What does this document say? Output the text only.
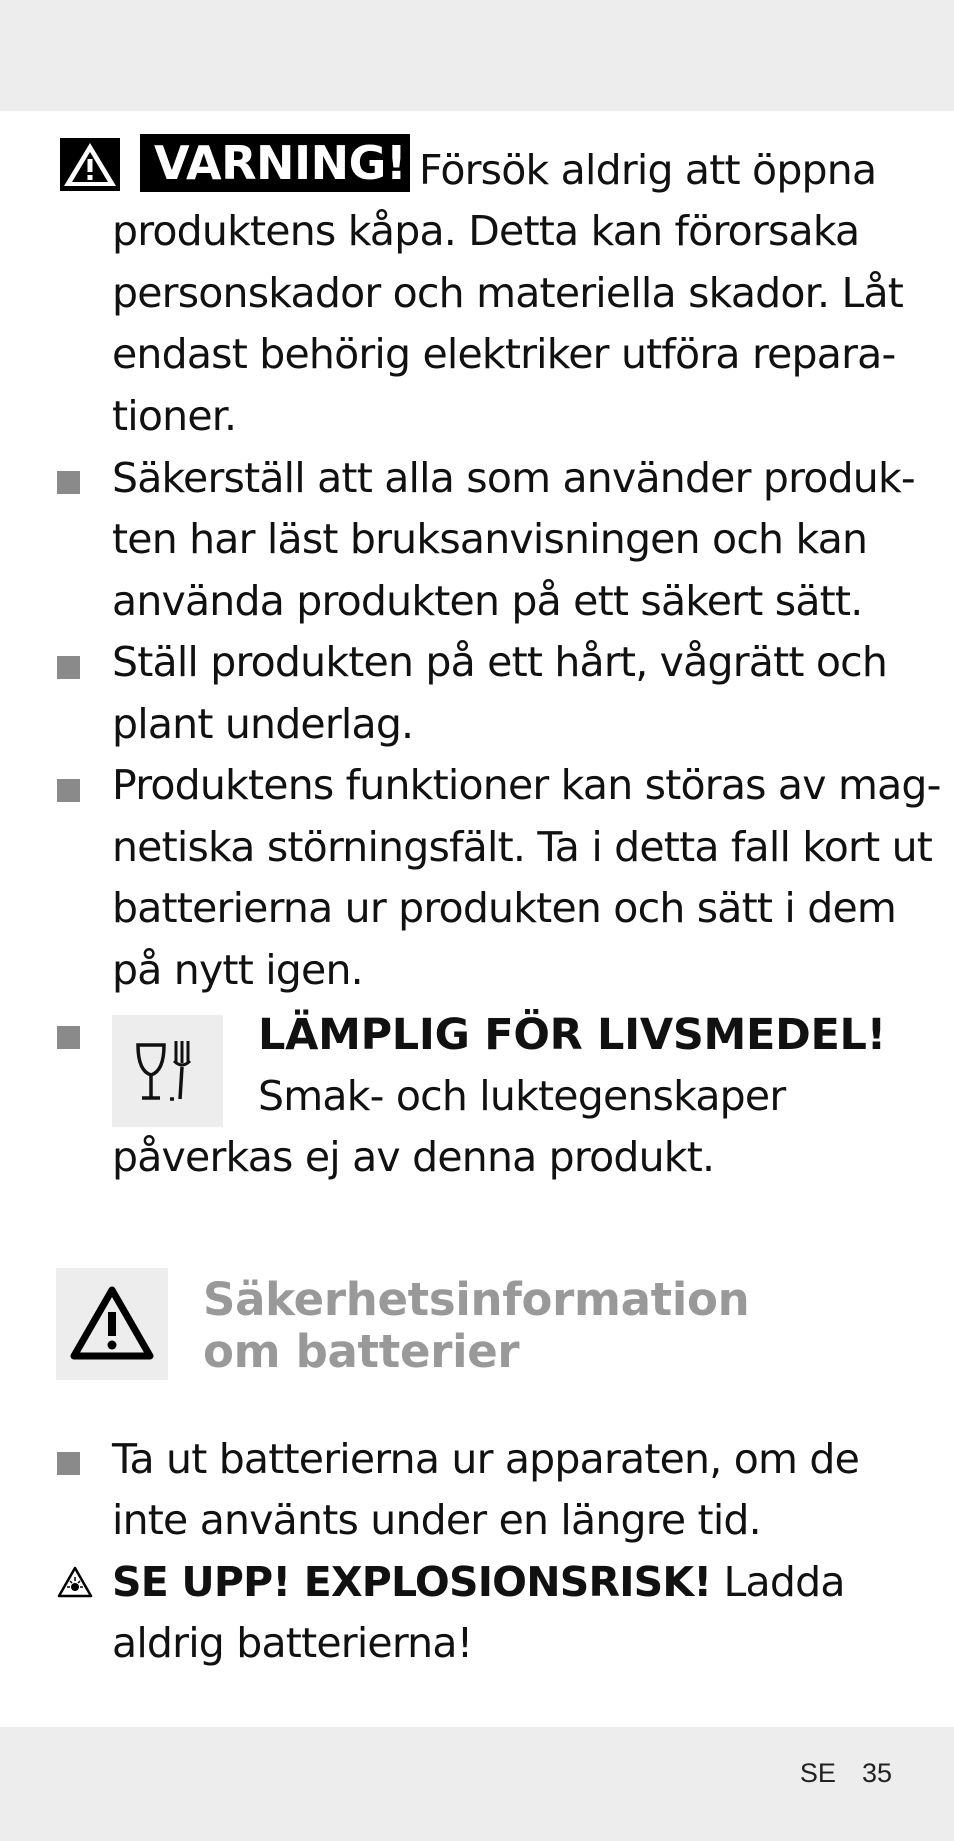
VARNING! Försök aldrig att öppna
produktens kåpa. Detta kan förorsaka
personskador och materiella skador. Låt
endast behörig elektriker utföra repara-
tioner.
Säkerställ att alla som använder produk-
ten har läst bruksanvisningen och kan
använda produkten på ett säkert sätt.
Ställ produkten på ett hårt, vågrätt och
plant underlag.
Produktens funktioner kan störas av mag-
netiska störningsfält. Ta i detta fall kort ut
batterierna ur produkten och sätt i dem
på nytt igen.
LÄMPLIG FÖR LIVSMEDEL!
Smak- och luktegenskaper
påverkas ej av denna produkt.
Säkerhetsinformation
om batterier
Ta ut batterierna ur apparaten, om de
inte använts under en längre tid.
SE UPP! EXPLOSIONSRISK! Ladda
aldrig batterierna!
SE 35
